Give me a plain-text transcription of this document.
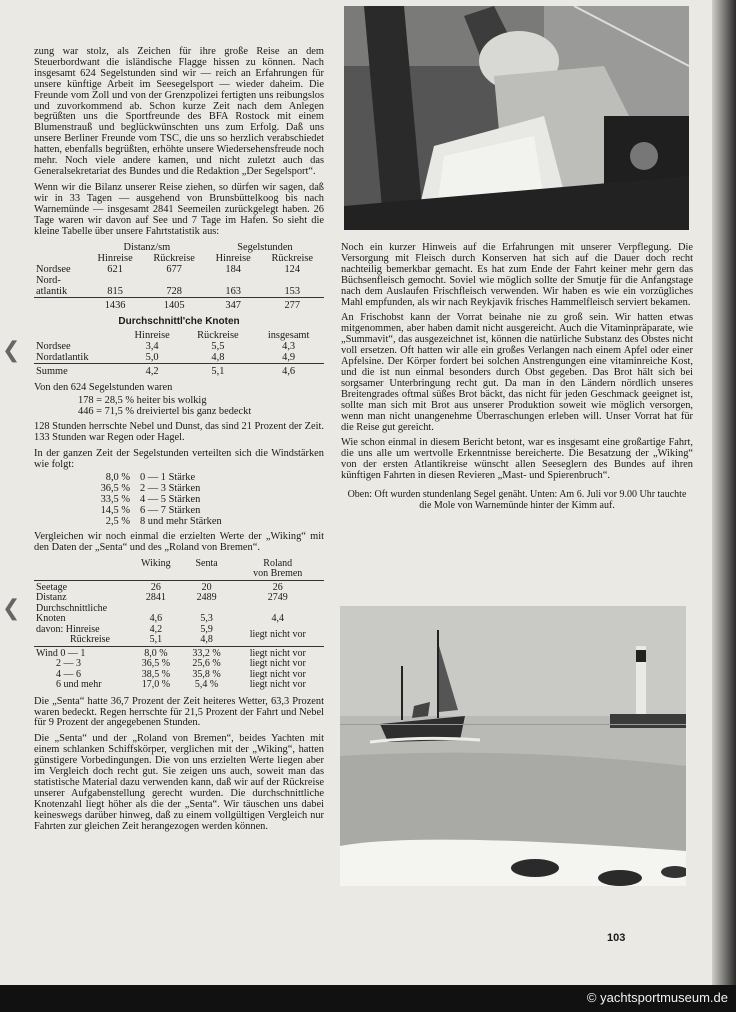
❮
❮

zung war stolz, als Zeichen für ihre große Reise an dem Steuerbordwant die isländische Flagge hissen zu können. Nach insgesamt 624 Segelstunden sind wir — reich an Erfahrungen für unsere künftige Arbeit im Seesegelsport — wieder daheim. Die Freunde vom Zoll und von der Grenzpolizei fertigten uns reibungslos und zuvorkommend ab. Schon kurze Zeit nach dem Anlegen begrüßten uns die Sportfreunde des BFA Rostock mit einem Blumenstrauß und beglückwünschten uns zum Erfolg. Daß uns unsere Berliner Freunde vom TSC, die uns so herzlich verabschiedet hatten, ebenfalls begrüßten, erhöhte unsere Wiedersehensfreude noch mehr. Noch viele andere kamen, und nicht zuletzt auch das Generalsekretariat des Bundes und die Redaktion „Der Segelsport“.

Wenn wir die Bilanz unserer Reise ziehen, so dürfen wir sagen, daß wir in 33 Tagen — ausgehend von Brunsbüttelkoog bis nach Warnemünde — insgesamt 2841 Seemeilen zurückgelegt haben. 26 Tage waren wir davon auf See und 7 Tage im Hafen. So sieht die kleine Tabelle über unsere Fahrtstatistik aus:

	Distanz/sm		Segelstunden	
	Hinreise	Rückreise	Hinreise	Rückreise
Nordsee	621	677	184	124
Nord-				
atlantik	815	728	163	153
	1436	1405	347	277
Durchschnittl'che Knoten
	Hinreise	Rückreise	insgesamt
Nordsee	3,4	5,5	4,3
Nordatlantik	5,0	4,8	4,9
Summe	4,2	5,1	4,6

Von den 624 Segelstunden waren

178 = 28,5 % heiter bis wolkig
446 = 71,5 % dreiviertel bis ganz bedeckt

128 Stunden herrschte Nebel und Dunst, das sind 21 Prozent der Zeit. 133 Stunden war Regen oder Hagel.

In der ganzen Zeit der Segelstunden verteilten sich die Windstärken wie folgt:

8,0 % 0 — 1 Stärke
36,5 % 2 — 3 Stärken
33,5 % 4 — 5 Stärken
14,5 % 6 — 7 Stärken
2,5 % 8 und mehr Stärken

Vergleichen wir noch einmal die erzielten Werte der „Wiking“ mit den Daten der „Senta“ und des „Roland von Bremen“.

	Wiking	Senta	Roland
von Bremen
Seetage	26	20	26
Distanz	2841	2489	2749
Durchschnittliche			
Knoten	4,6	5,3	4,4
davon: Hinreise	4,2	5,9	liegt nicht vor
Rückreise	5,1	4,8	
Wind 0 — 1	8,0 %	33,2 %	liegt nicht vor
2 — 3	36,5 %	25,6 %	liegt nicht vor
4 — 6	38,5 %	35,8 %	liegt nicht vor
6 und mehr	17,0 %	5,4 %	liegt nicht vor

Die „Senta“ hatte 36,7 Prozent der Zeit heiteres Wetter, 63,3 Prozent waren bedeckt. Regen herrschte für 21,5 Prozent der Fahrt und Nebel für 9 Prozent der angegebenen Stunden.

Die „Senta“ und der „Roland von Bremen“, beides Yachten mit einem schlanken Schiffskörper, verglichen mit der „Wiking“, hatten günstigere Vorbedingungen. Die von uns erzielten Werte liegen aber im Vergleich doch recht gut. Sie zeigen uns auch, soweit man das statistische Material dazu verwenden kann, daß wir auf der Rückreise unserer Aufgabenstellung gerecht wurden. Die durchschnittliche Knotenzahl liegt höher als die der „Senta“. Wir täuschen uns dabei keineswegs darüber hinweg, daß zu einem vollgültigen Vergleich nur Fahrten zur gleichen Zeit herangezogen werden können.

Noch ein kurzer Hinweis auf die Erfahrungen mit unserer Verpflegung. Die Versorgung mit Fleisch durch Konserven hat sich auf die Dauer doch recht nachteilig bemerkbar gemacht. Es hat zum Ende der Fahrt keiner mehr gern das Büchsenfleisch gemocht. Soviel wie möglich sollte der Smutje für die Anfangstage nach dem Auslaufen Frischfleisch verwenden. Wir haben es wie ein vorzügliches Mahl empfunden, als wir nach Reykjavik frisches Hammelfleisch serviert bekamen.

An Frischobst kann der Vorrat beinahe nie zu groß sein. Wir hatten etwas mitgenommen, aber haben damit nicht ausgereicht. Auch die Vitaminpräparate, wie „Summavit“, das ausgezeichnet ist, können die natürliche Substanz des Obstes nicht voll ersetzen. Oft hatten wir alle ein großes Verlangen nach einem Apfel oder einer Apfelsine. Der Körper fordert bei solchen Anstrengungen eine vitaminreiche Kost, und die ist nun einmal besonders durch Obst gegeben. Das Brot hält sich bei sorgsamer Unterbringung recht gut. Da man in den Ländern nördlich unseres Breitengrades oftmal süßes Brot bäckt, das nicht für jeden Geschmack geeignet ist, sollte man sich mit Brot aus unserer Produktion soweit wie möglich versorgen, wenn man nicht unangenehme Überraschungen erleben will. Unser Vorrat hat für die Reise gut gereicht.

Wie schon einmal in diesem Bericht betont, war es insgesamt eine großartige Fahrt, die uns alle um wertvolle Erkenntnisse bereicherte. Die Besatzung der „Wiking“ von der ersten Atlantikreise wünscht allen Seeseglern des Bundes auf ihren künftigen Fahrten in diesen Revieren „Mast- und Spierenbruch“.

Oben: Oft wurden stundenlang Segel genäht. Unten: Am 6. Juli vor 9.00 Uhr tauchte die Mole von Warnemünde hinter der Kimm auf.

103
© yachtsportmuseum.de
